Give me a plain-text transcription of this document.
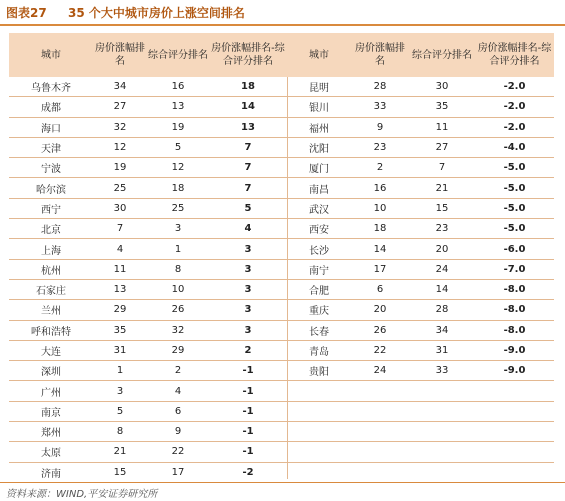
图表27 35 个大中城市房价上涨空间排名
城市	房价涨幅排名	综合评分排名	房价涨幅排名-综合评分排名
乌鲁木齐	34	16	18
成都	27	13	14
海口	32	19	13
天津	12	5	7
宁波	19	12	7
哈尔滨	25	18	7
西宁	30	25	5
北京	7	3	4
上海	4	1	3
杭州	11	8	3
石家庄	13	10	3
兰州	29	26	3
呼和浩特	35	32	3
大连	31	29	2
深圳	1	2	-1
广州	3	4	-1
南京	5	6	-1
郑州	8	9	-1
太原	21	22	-1
济南	15	17	-2
城市	房价涨幅排名	综合评分排名	房价涨幅排名-综合评分排名
昆明	28	30	-2.0
银川	33	35	-2.0
福州	9	11	-2.0
沈阳	23	27	-4.0
厦门	2	7	-5.0
南昌	16	21	-5.0
武汉	10	15	-5.0
西安	18	23	-5.0
长沙	14	20	-6.0
南宁	17	24	-7.0
合肥	6	14	-8.0
重庆	20	28	-8.0
长春	26	34	-8.0
青岛	22	31	-9.0
贵阳	24	33	-9.0

资料来源：WIND,平安证券研究所
